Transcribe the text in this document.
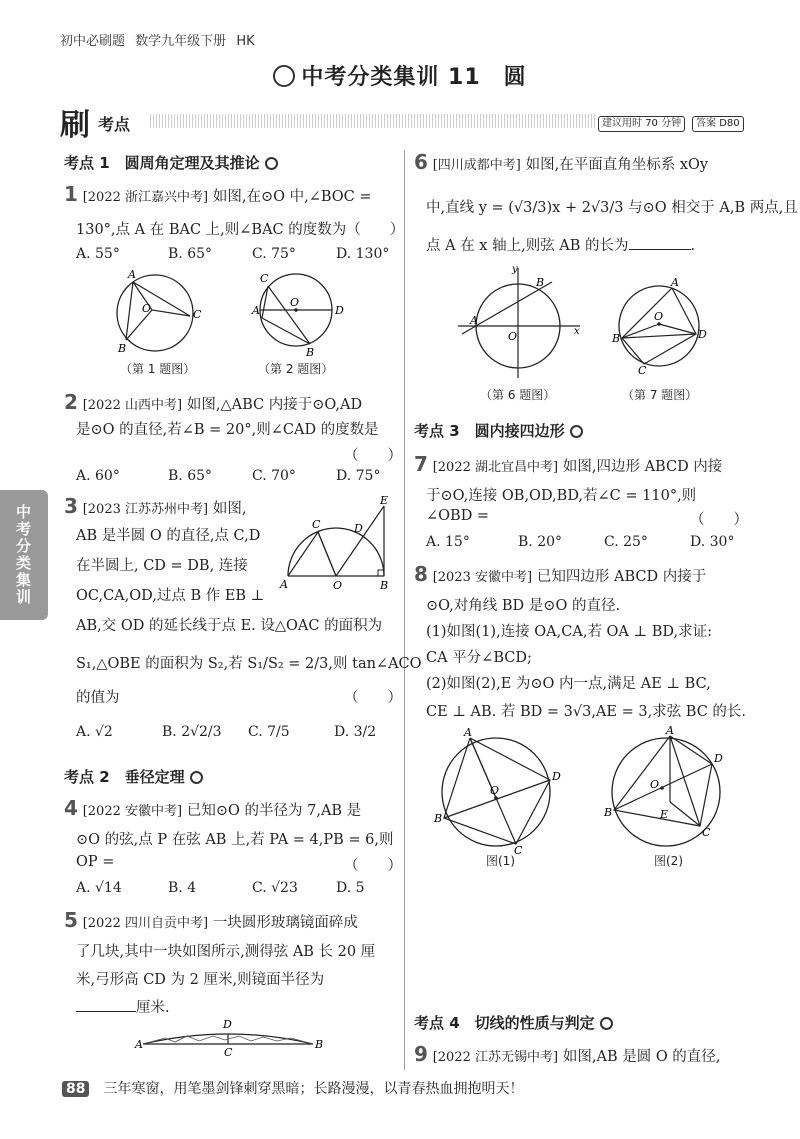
初中必刷题 数学九年级下册 HK
中考分类集训 11　圆
刷 考点	建议用时 70 分钟	答案 D80
中考分类集训
考点 1　圆周角定理及其推论
1 [2022 浙江嘉兴中考] 如图,在⊙O 中,∠BOC =
130°,点 A 在 BAC 上,则∠BAC 的度数为（　　）
A. 55°	B. 65°	C. 75°	D. 130°
A
O	C
B
C
O
D
A
B
（第 1 题图）	（第 2 题图）
2 [2022 山西中考] 如图,△ABC 内接于⊙O,AD
是⊙O 的直径,若∠B = 20°,则∠CAD 的度数是
（　　）
A. 60°	B. 65°	C. 70°	D. 75°
3 [2023 江苏苏州中考] 如图,
AB 是半圆 O 的直径,点 C,D
在半圆上, CD = DB, 连接
OC,CA,OD,过点 B 作 EB ⊥
AB,交 OD 的延长线于点 E. 设△OAC 的面积为
S₁,△OBE 的面积为 S₂,若 S₁/S₂ = 2/3,则 tan∠ACO
的值为	（　　）
A. √2	B. 2√2/3 C. 7/5	D. 3/2
A	O	B
C	D
E
考点 2　垂径定理
4 [2022 安徽中考] 已知⊙O 的半径为 7,AB 是
⊙O 的弦,点 P 在弦 AB 上,若 PA = 4,PB = 6,则
OP =	（　　）
A. √14	B. 4	C. √23	D. 5
5 [2022 四川自贡中考] 一块圆形玻璃镜面碎成
了几块,其中一块如图所示,测得弦 AB 长 20 厘
米,弓形高 CD 为 2 厘米,则镜面半径为
厘米.
A
D
C
B
6 [四川成都中考] 如图,在平面直角坐标系 xOy
中,直线 y = (√3/3)x + 2√3/3 与⊙O 相交于 A,B 两点,且
点 A 在 x 轴上,则弦 AB 的长为	.
y
x
A
B
O
A
D
B
C
O
（第 6 题图）	（第 7 题图）
考点 3　圆内接四边形
7 [2022 湖北宜昌中考] 如图,四边形 ABCD 内接
于⊙O,连接 OB,OD,BD,若∠C = 110°,则
∠OBD =	（　　）
A. 15°	B. 20°	C. 25°	D. 30°
8 [2023 安徽中考] 已知四边形 ABCD 内接于
⊙O,对角线 BD 是⊙O 的直径.
(1)如图(1),连接 OA,CA,若 OA ⊥ BD,求证:
CA 平分∠BCD;
(2)如图(2),E 为⊙O 内一点,满足 AE ⊥ BC,
CE ⊥ AB. 若 BD = 3√3,AE = 3,求弦 BC 的长.
A
D
B
C
O
A
D
B
C
O
E
图(1)	图(2)
考点 4　切线的性质与判定
9 [2022 江苏无锡中考] 如图,AB 是圆 O 的直径,
88 三年寒窗，用笔墨剑锋刺穿黑暗；长路漫漫，以青春热血拥抱明天！
